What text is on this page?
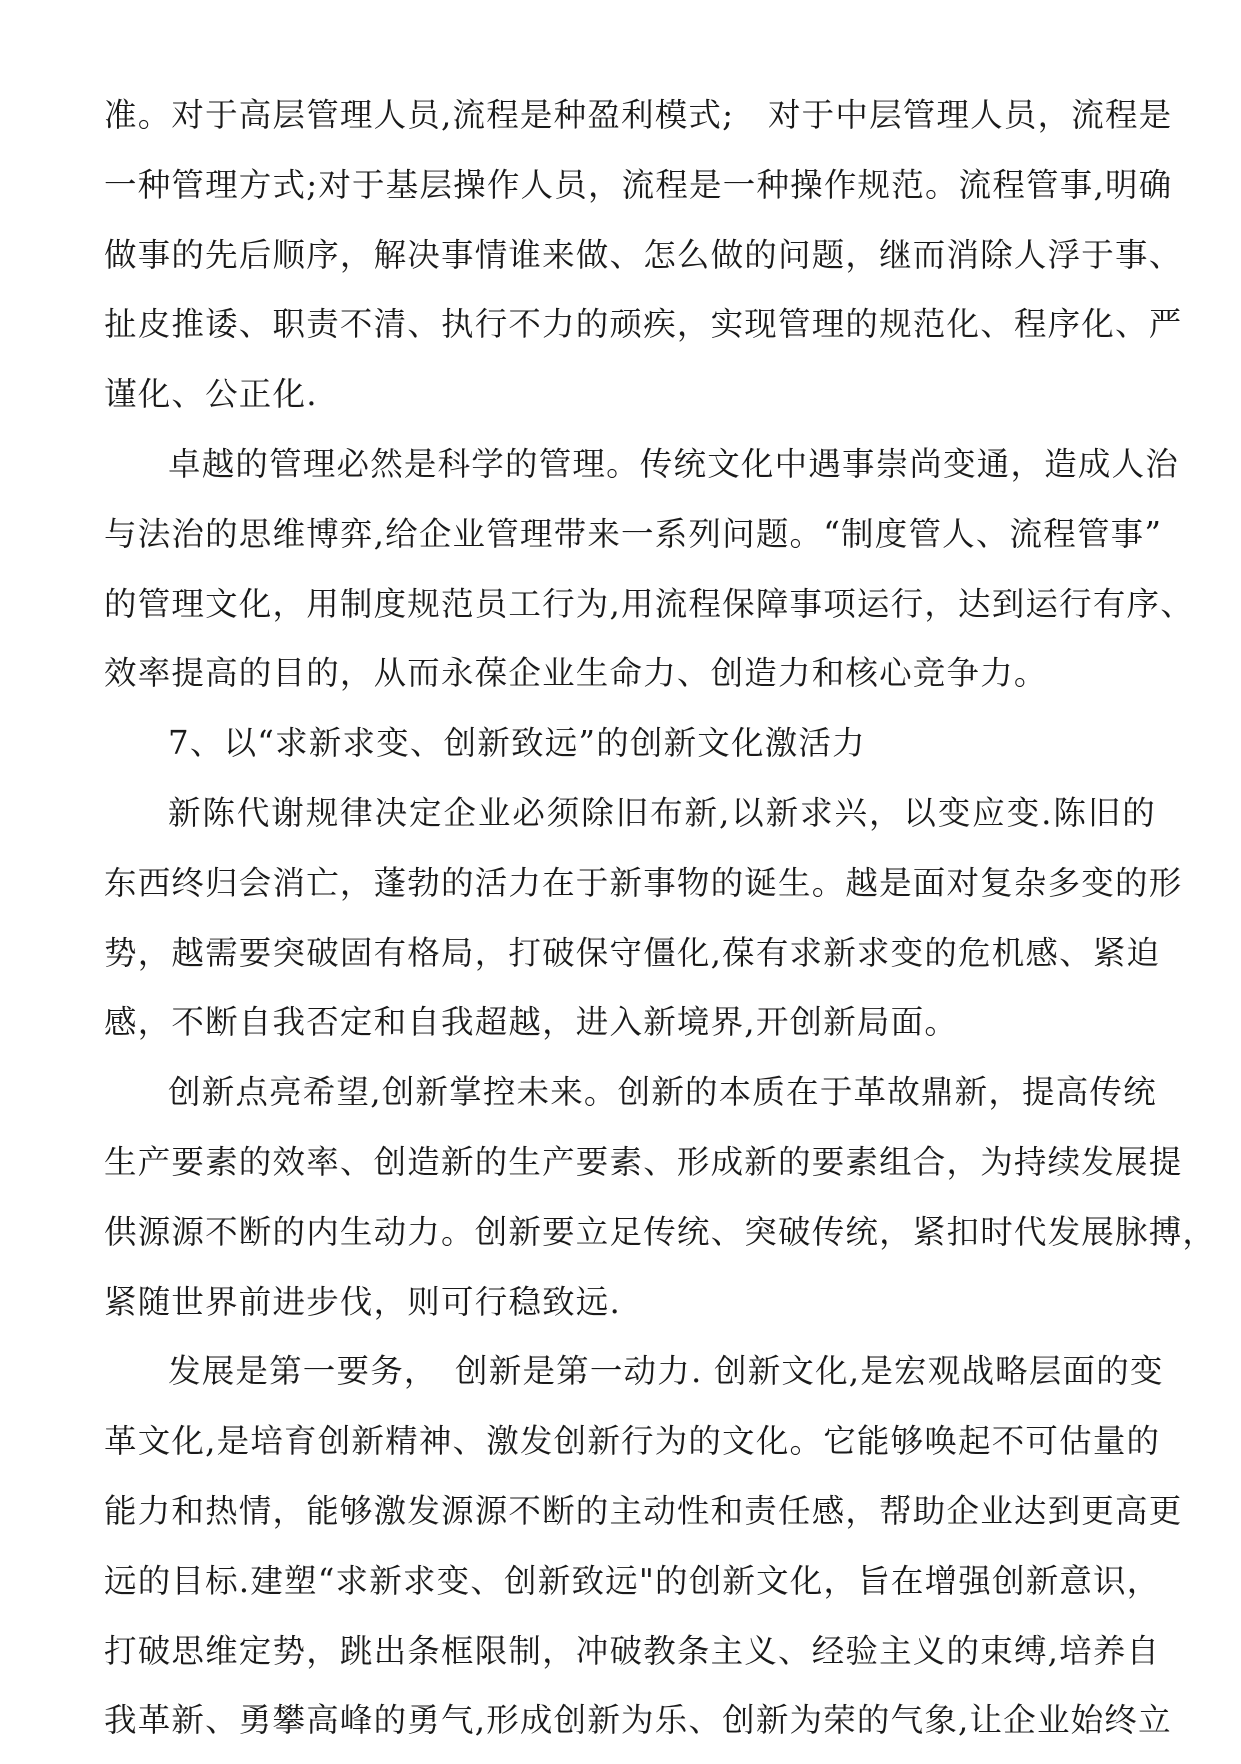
准。对于高层管理人员,流程是种盈利模式;　对于中层管理人员，流程是
一种管理方式;对于基层操作人员，流程是一种操作规范。流程管事,明确
做事的先后顺序，解决事情谁来做、怎么做的问题，继而消除人浮于事、
扯皮推诿、职责不清、执行不力的顽疾，实现管理的规范化、程序化、严
谨化、公正化.
卓越的管理必然是科学的管理。传统文化中遇事崇尚变通，造成人治
与法治的思维博弈,给企业管理带来一系列问题。“制度管人、流程管事”
的管理文化，用制度规范员工行为,用流程保障事项运行，达到运行有序、
效率提高的目的，从而永葆企业生命力、创造力和核心竞争力。
7、以“求新求变、创新致远”的创新文化激活力
新陈代谢规律决定企业必须除旧布新,以新求兴，以变应变.陈旧的
东西终归会消亡，蓬勃的活力在于新事物的诞生。越是面对复杂多变的形
势，越需要突破固有格局，打破保守僵化,葆有求新求变的危机感、紧迫
感，不断自我否定和自我超越，进入新境界,开创新局面。
创新点亮希望,创新掌控未来。创新的本质在于革故鼎新，提高传统
生产要素的效率、创造新的生产要素、形成新的要素组合，为持续发展提
供源源不断的内生动力。创新要立足传统、突破传统，紧扣时代发展脉搏，
紧随世界前进步伐，则可行稳致远.
发展是第一要务，　创新是第一动力. 创新文化,是宏观战略层面的变
革文化,是培育创新精神、激发创新行为的文化。它能够唤起不可估量的
能力和热情，能够激发源源不断的主动性和责任感，帮助企业达到更高更
远的目标.建塑“求新求变、创新致远"的创新文化，旨在增强创新意识，
打破思维定势，跳出条框限制，冲破教条主义、经验主义的束缚,培养自
我革新、勇攀高峰的勇气,形成创新为乐、创新为荣的气象,让企业始终立
